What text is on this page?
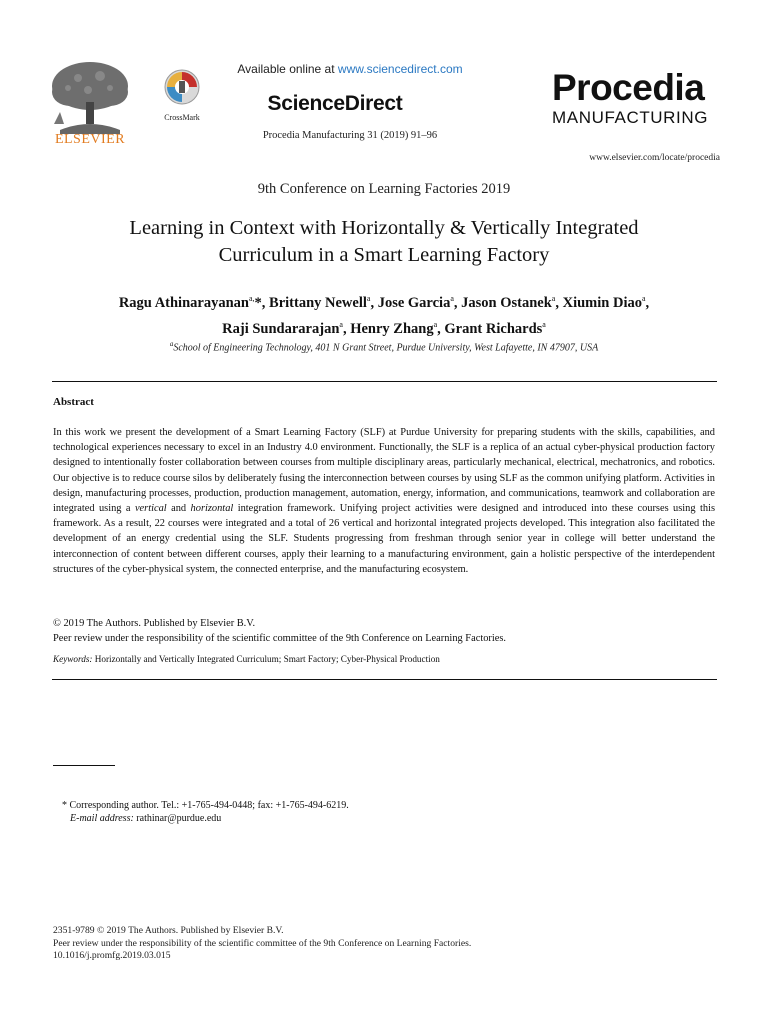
ELSEVIER
CrossMark
Available online at www.sciencedirect.com
ScienceDirect
Procedia Manufacturing 31 (2019) 91–96
Procedia
MANUFACTURING
www.elsevier.com/locate/procedia
9th Conference on Learning Factories 2019
Learning in Context with Horizontally & Vertically Integrated
Curriculum in a Smart Learning Factory
Ragu Athinarayanan$^{a,}$*, Brittany Newell$^a$, Jose Garcia$^a$, Jason Ostanek$^a$, Xiumin Diao$^a$,
Raji Sundararajan$^a$, Henry Zhang$^a$, Grant Richards$^a$
$^a$School of Engineering Technology, 401 N Grant Street, Purdue University, West Lafayette, IN 47907, USA
Abstract
In this work we present the development of a Smart Learning Factory (SLF) at Purdue University for preparing students with the skills, capabilities, and technological experiences necessary to excel in an Industry 4.0 environment. Functionally, the SLF is a replica of an actual cyber-physical production factory designed to intentionally foster collaboration between courses from multiple disciplinary areas, particularly mechanical, electrical, mechatronics, and robotics. Our objective is to reduce course silos by deliberately fusing the interconnection between courses by using SLF as the common unifying platform. Activities in design, manufacturing processes, production, production management, automation, energy, information, and communications, teamwork and collaboration are integrated using a vertical and horizontal integration framework. Unifying project activities were designed and introduced into these courses using this framework. As a result, 22 courses were integrated and a total of 26 vertical and horizontal integrated projects developed. This integration also facilitated the development of an energy credential using the SLF. Students progressing from freshman through senior year in college will better understand the interconnection of content between different courses, apply their learning to a manufacturing environment, gain a holistic perspective of the interdependent structures of the cyber-physical system, the connected enterprise, and the manufacturing ecosystem.
© 2019 The Authors. Published by Elsevier B.V.
Peer review under the responsibility of the scientific committee of the 9th Conference on Learning Factories.
Keywords: Horizontally and Vertically Integrated Curriculum; Smart Factory; Cyber-Physical Production
* Corresponding author. Tel.: +1-765-494-0448; fax: +1-765-494-6219.
E-mail address: rathinar@purdue.edu
2351-9789 © 2019 The Authors. Published by Elsevier B.V.
Peer review under the responsibility of the scientific committee of the 9th Conference on Learning Factories.
10.1016/j.promfg.2019.03.015
